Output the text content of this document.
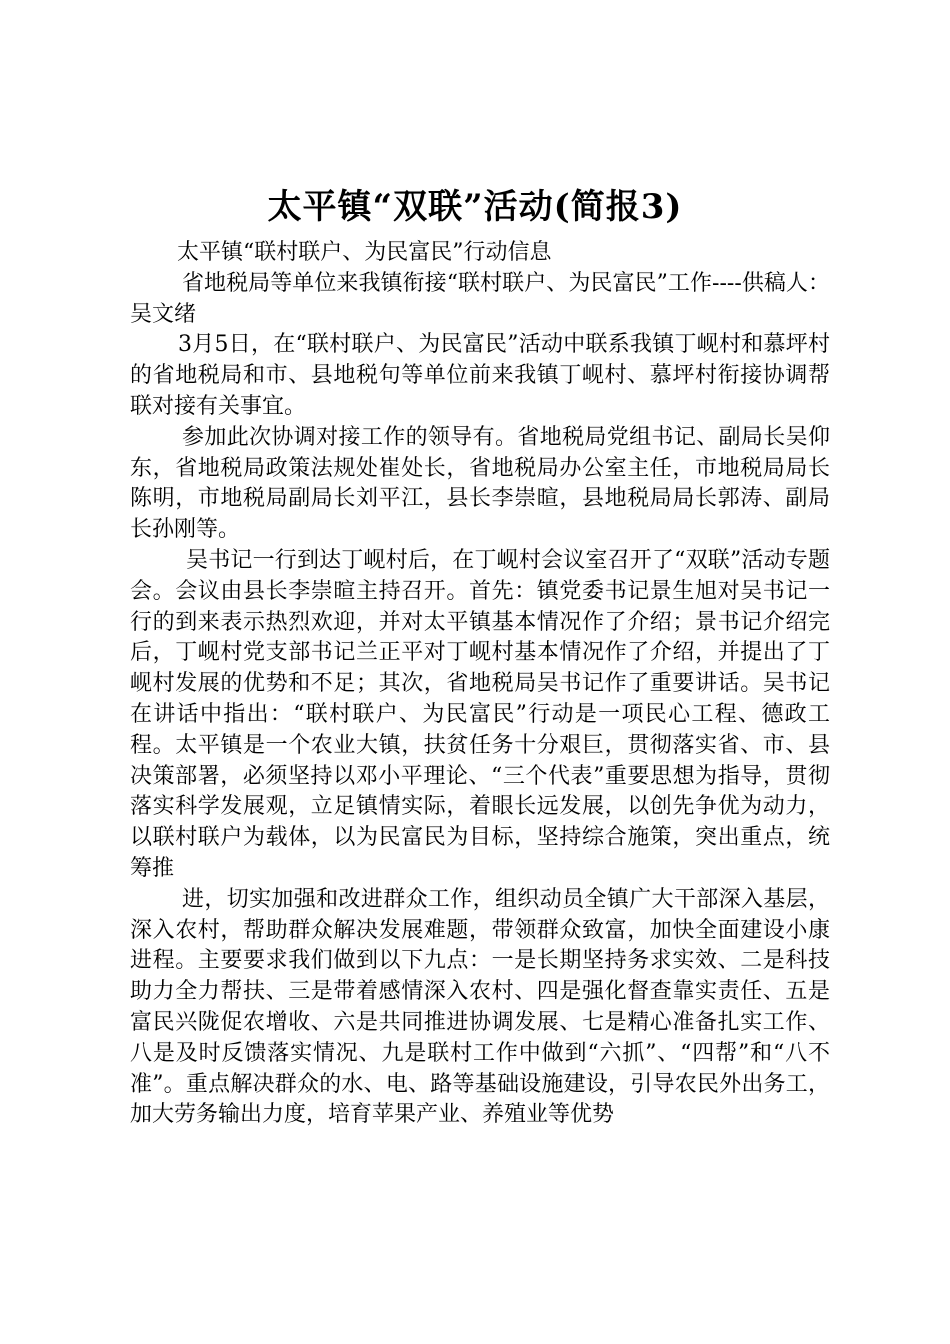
太平镇“双联”活动(简报3)

太平镇“联村联户、为民富民”行动信息

省地税局等单位来我镇衔接“联村联户、为民富民”工作----供稿人：吴文绪

3月5日，在“联村联户、为民富民”活动中联系我镇丁岘村和慕坪村的省地税局和市、县地税句等单位前来我镇丁岘村、慕坪村衔接协调帮联对接有关事宜。

参加此次协调对接工作的领导有。省地税局党组书记、副局长吴仰东，省地税局政策法规处崔处长，省地税局办公室主任，市地税局局长陈明，市地税局副局长刘平江，县长李崇暄，县地税局局长郭涛、副局长孙刚等。

吴书记一行到达丁岘村后，在丁岘村会议室召开了“双联”活动专题会。会议由县长李崇暄主持召开。首先：镇党委书记景生旭对吴书记一行的到来表示热烈欢迎，并对太平镇基本情况作了介绍；景书记介绍完后，丁岘村党支部书记兰正平对丁岘村基本情况作了介绍，并提出了丁岘村发展的优势和不足；其次，省地税局吴书记作了重要讲话。吴书记在讲话中指出：“联村联户、为民富民”行动是一项民心工程、德政工程。太平镇是一个农业大镇，扶贫任务十分艰巨，贯彻落实省、市、县决策部署，必须坚持以邓小平理论、“三个代表”重要思想为指导，贯彻落实科学发展观，立足镇情实际，着眼长远发展，以创先争优为动力，以联村联户为载体，以为民富民为目标，坚持综合施策，突出重点，统筹推

进，切实加强和改进群众工作，组织动员全镇广大干部深入基层，深入农村，帮助群众解决发展难题，带领群众致富，加快全面建设小康进程。主要要求我们做到以下九点：一是长期坚持务求实效、二是科技助力全力帮扶、三是带着感情深入农村、四是强化督查靠实责任、五是富民兴陇促农增收、六是共同推进协调发展、七是精心准备扎实工作、八是及时反馈落实情况、九是联村工作中做到“六抓”、“四帮”和“八不准”。重点解决群众的水、电、路等基础设施建设，引导农民外出务工，加大劳务输出力度，培育苹果产业、养殖业等优势
